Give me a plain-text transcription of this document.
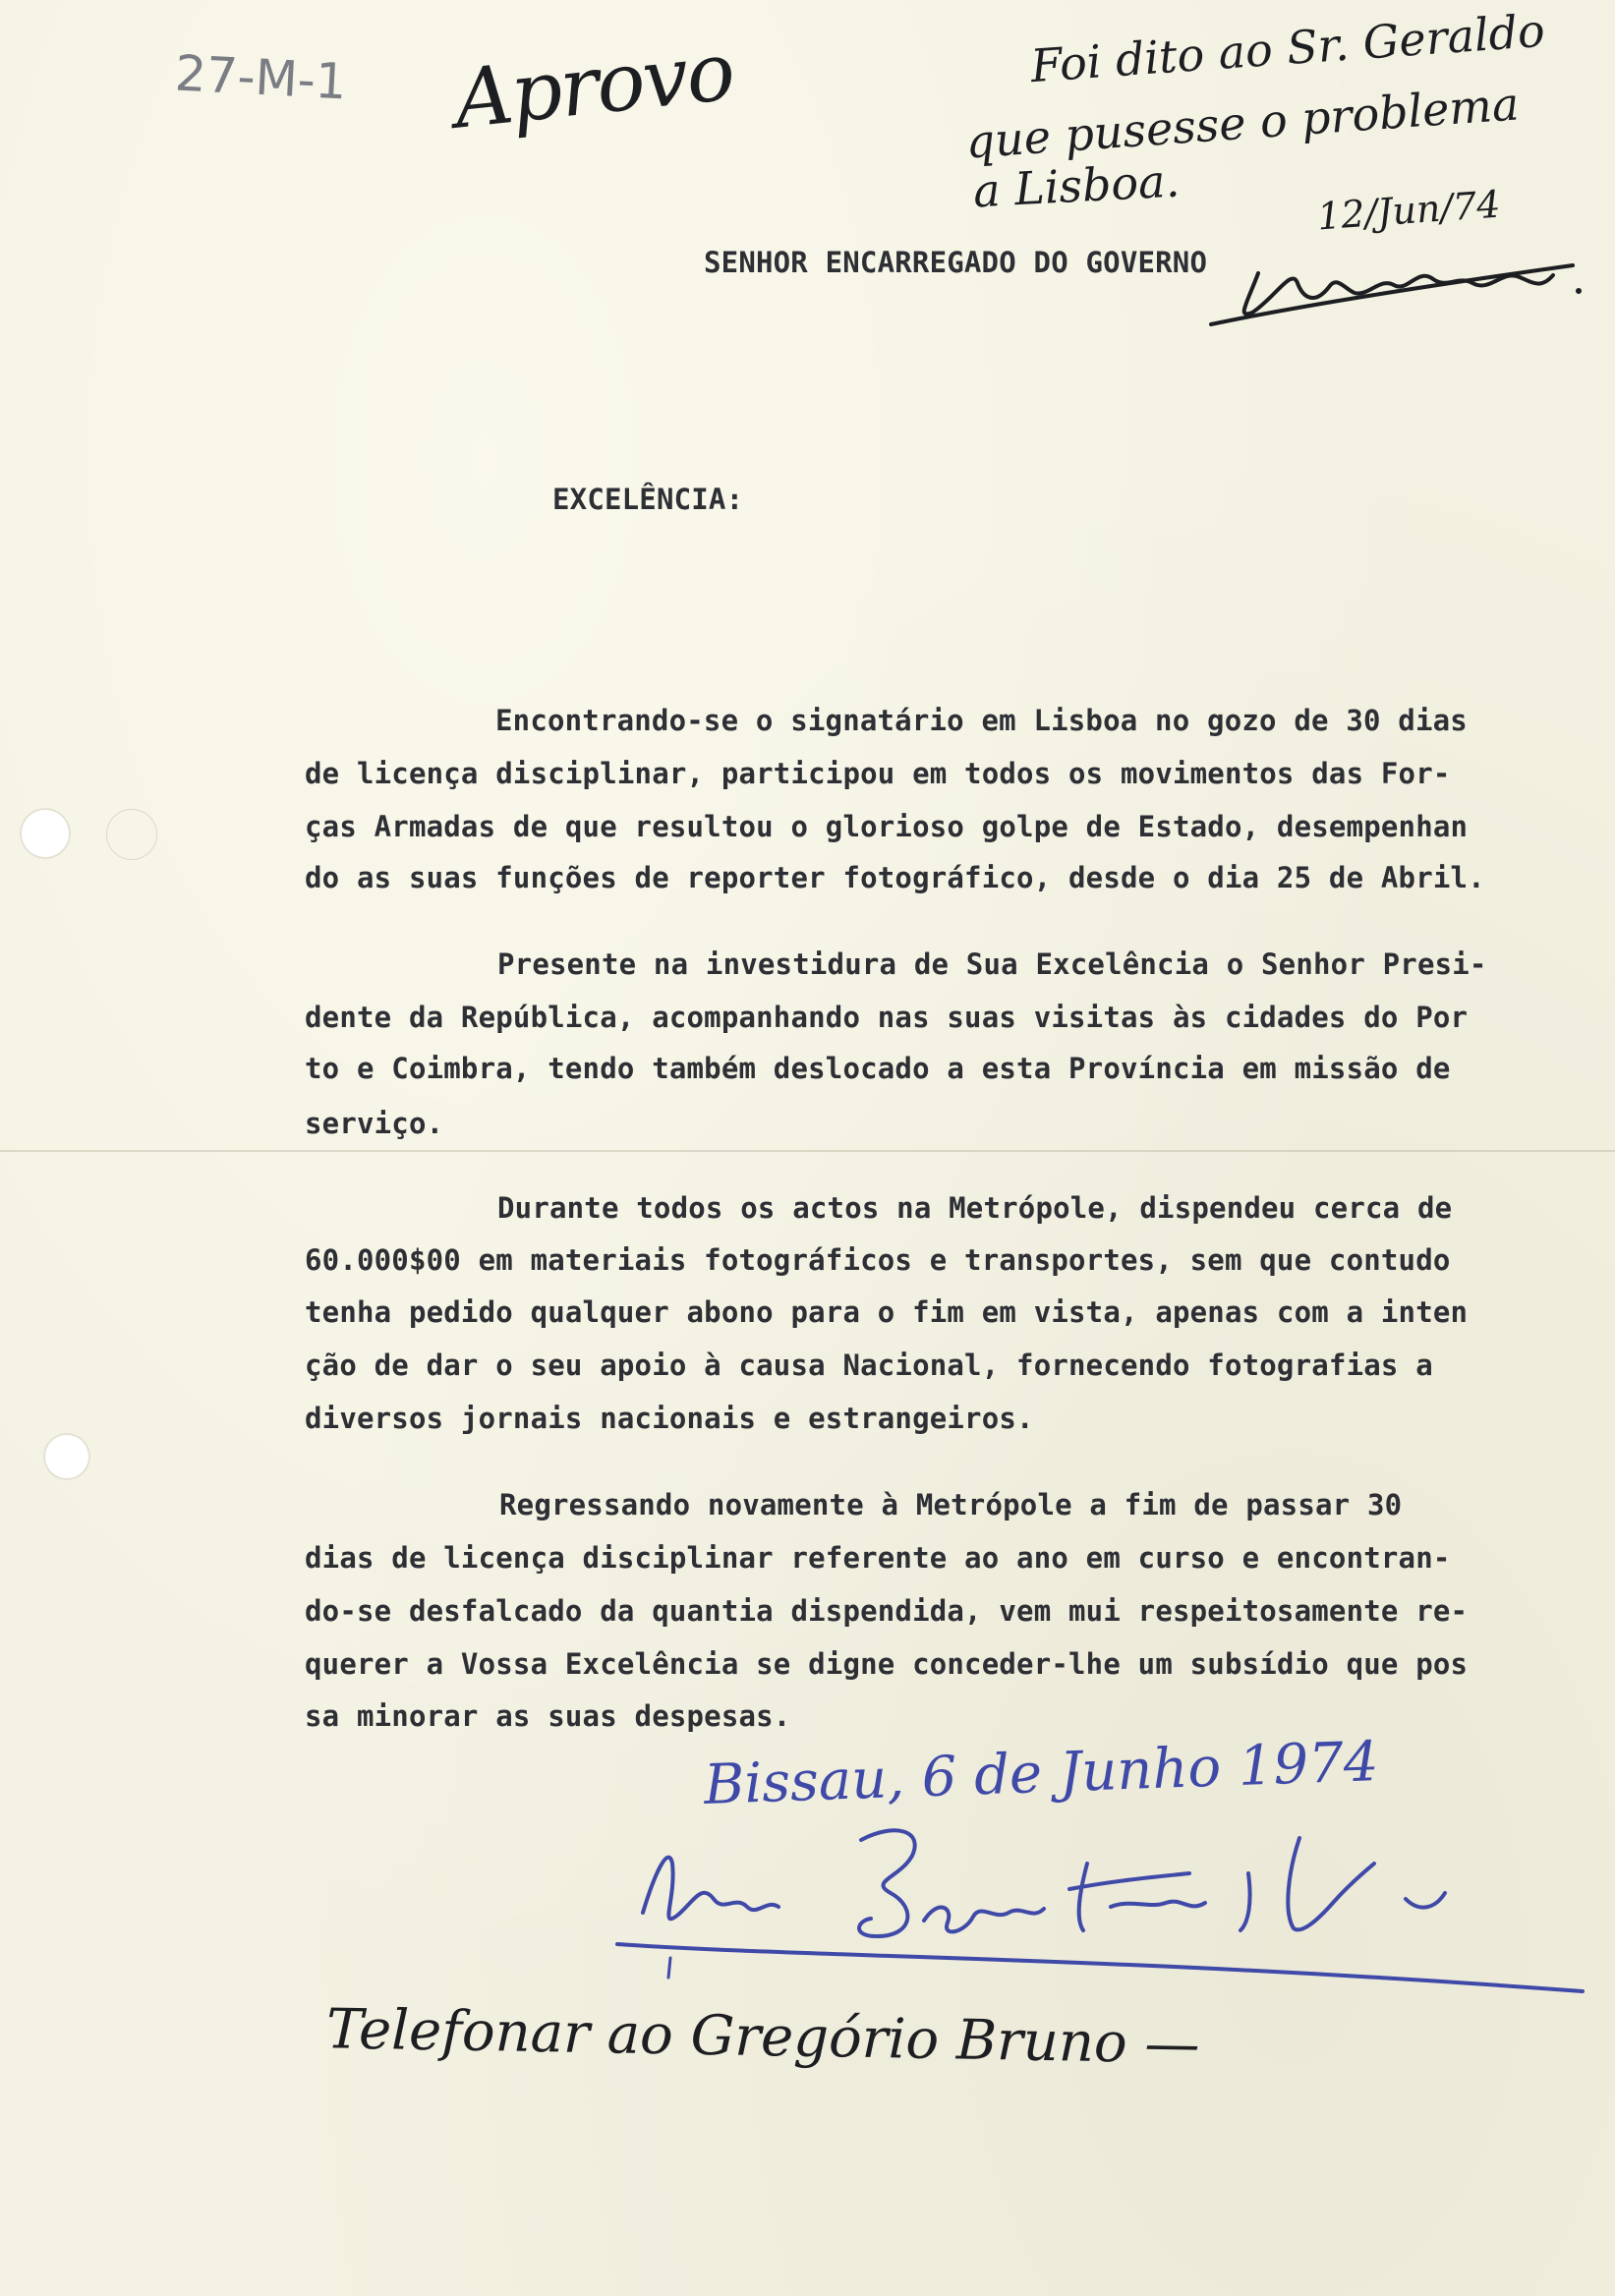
27-M-1 Aprovo	Foi dito ao Sr. Geraldo

que pusesse o problema

a Lisboa.	12/Jun/74

SENHOR ENCARREGADO DO GOVERNO

EXCELÊNCIA:

Encontrando-se o signatário em Lisboa no gozo de 30 dias

de licença disciplinar, participou em todos os movimentos das For-

ças Armadas de que resultou o glorioso golpe de Estado, desempenhan

do as suas funções de reporter fotográfico, desde o dia 25 de Abril.

Presente na investidura de Sua Excelência o Senhor Presi-

dente da República, acompanhando nas suas visitas às cidades do Por

to e Coimbra, tendo também deslocado a esta Província em missão de

serviço.

Durante todos os actos na Metrópole, dispendeu cerca de

60.000$00 em materiais fotográficos e transportes, sem que contudo

tenha pedido qualquer abono para o fim em vista, apenas com a inten

ção de dar o seu apoio à causa Nacional, fornecendo fotografias a

diversos jornais nacionais e estrangeiros.

Regressando novamente à Metrópole a fim de passar 30

dias de licença disciplinar referente ao ano em curso e encontran-

do-se desfalcado da quantia dispendida, vem mui respeitosamente re-

querer a Vossa Excelência se digne conceder-lhe um subsídio que pos

sa minorar as suas despesas.

Bissau, 6 de Junho 1974

Telefonar ao Gregório Bruno —
